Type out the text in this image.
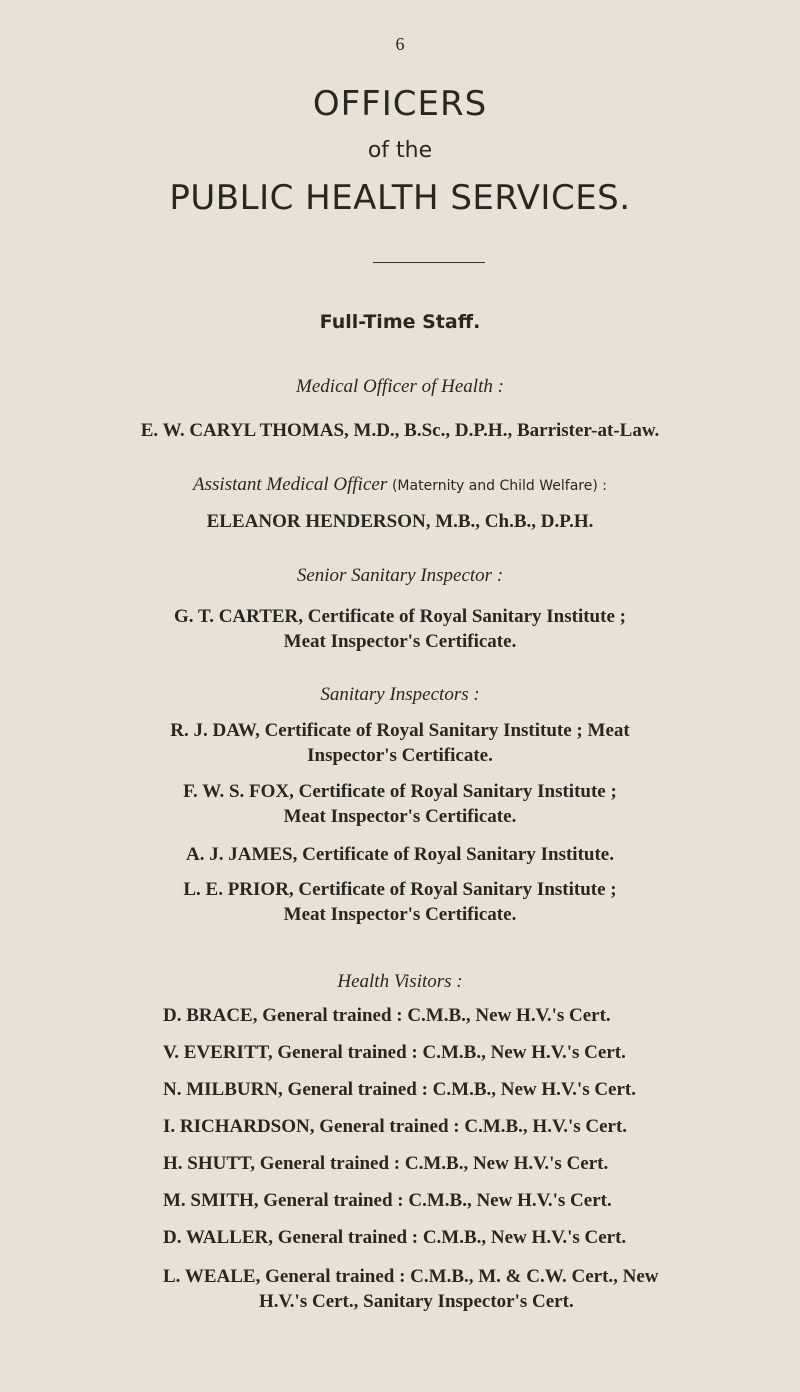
6
OFFICERS
of the
PUBLIC HEALTH SERVICES.
Full-Time Staff.
Medical Officer of Health :
E. W. CARYL THOMAS, M.D., B.Sc., D.P.H., Barrister-at-Law.
Assistant Medical Officer (Maternity and Child Welfare) :
ELEANOR HENDERSON, M.B., Ch.B., D.P.H.
Senior Sanitary Inspector :
G. T. CARTER, Certificate of Royal Sanitary Institute ;
Meat Inspector's Certificate.
Sanitary Inspectors :
R. J. DAW, Certificate of Royal Sanitary Institute ; Meat
Inspector's Certificate.
F. W. S. FOX, Certificate of Royal Sanitary Institute ;
Meat Inspector's Certificate.
A. J. JAMES, Certificate of Royal Sanitary Institute.
L. E. PRIOR, Certificate of Royal Sanitary Institute ;
Meat Inspector's Certificate.
Health Visitors :
D. BRACE, General trained : C.M.B., New H.V.'s Cert.
V. EVERITT, General trained : C.M.B., New H.V.'s Cert.
N. MILBURN, General trained : C.M.B., New H.V.'s Cert.
I. RICHARDSON, General trained : C.M.B., H.V.'s Cert.
H. SHUTT, General trained : C.M.B., New H.V.'s Cert.
M. SMITH, General trained : C.M.B., New H.V.'s Cert.
D. WALLER, General trained : C.M.B., New H.V.'s Cert.
L. WEALE, General trained : C.M.B., M. & C.W. Cert., New
H.V.'s Cert., Sanitary Inspector's Cert.
